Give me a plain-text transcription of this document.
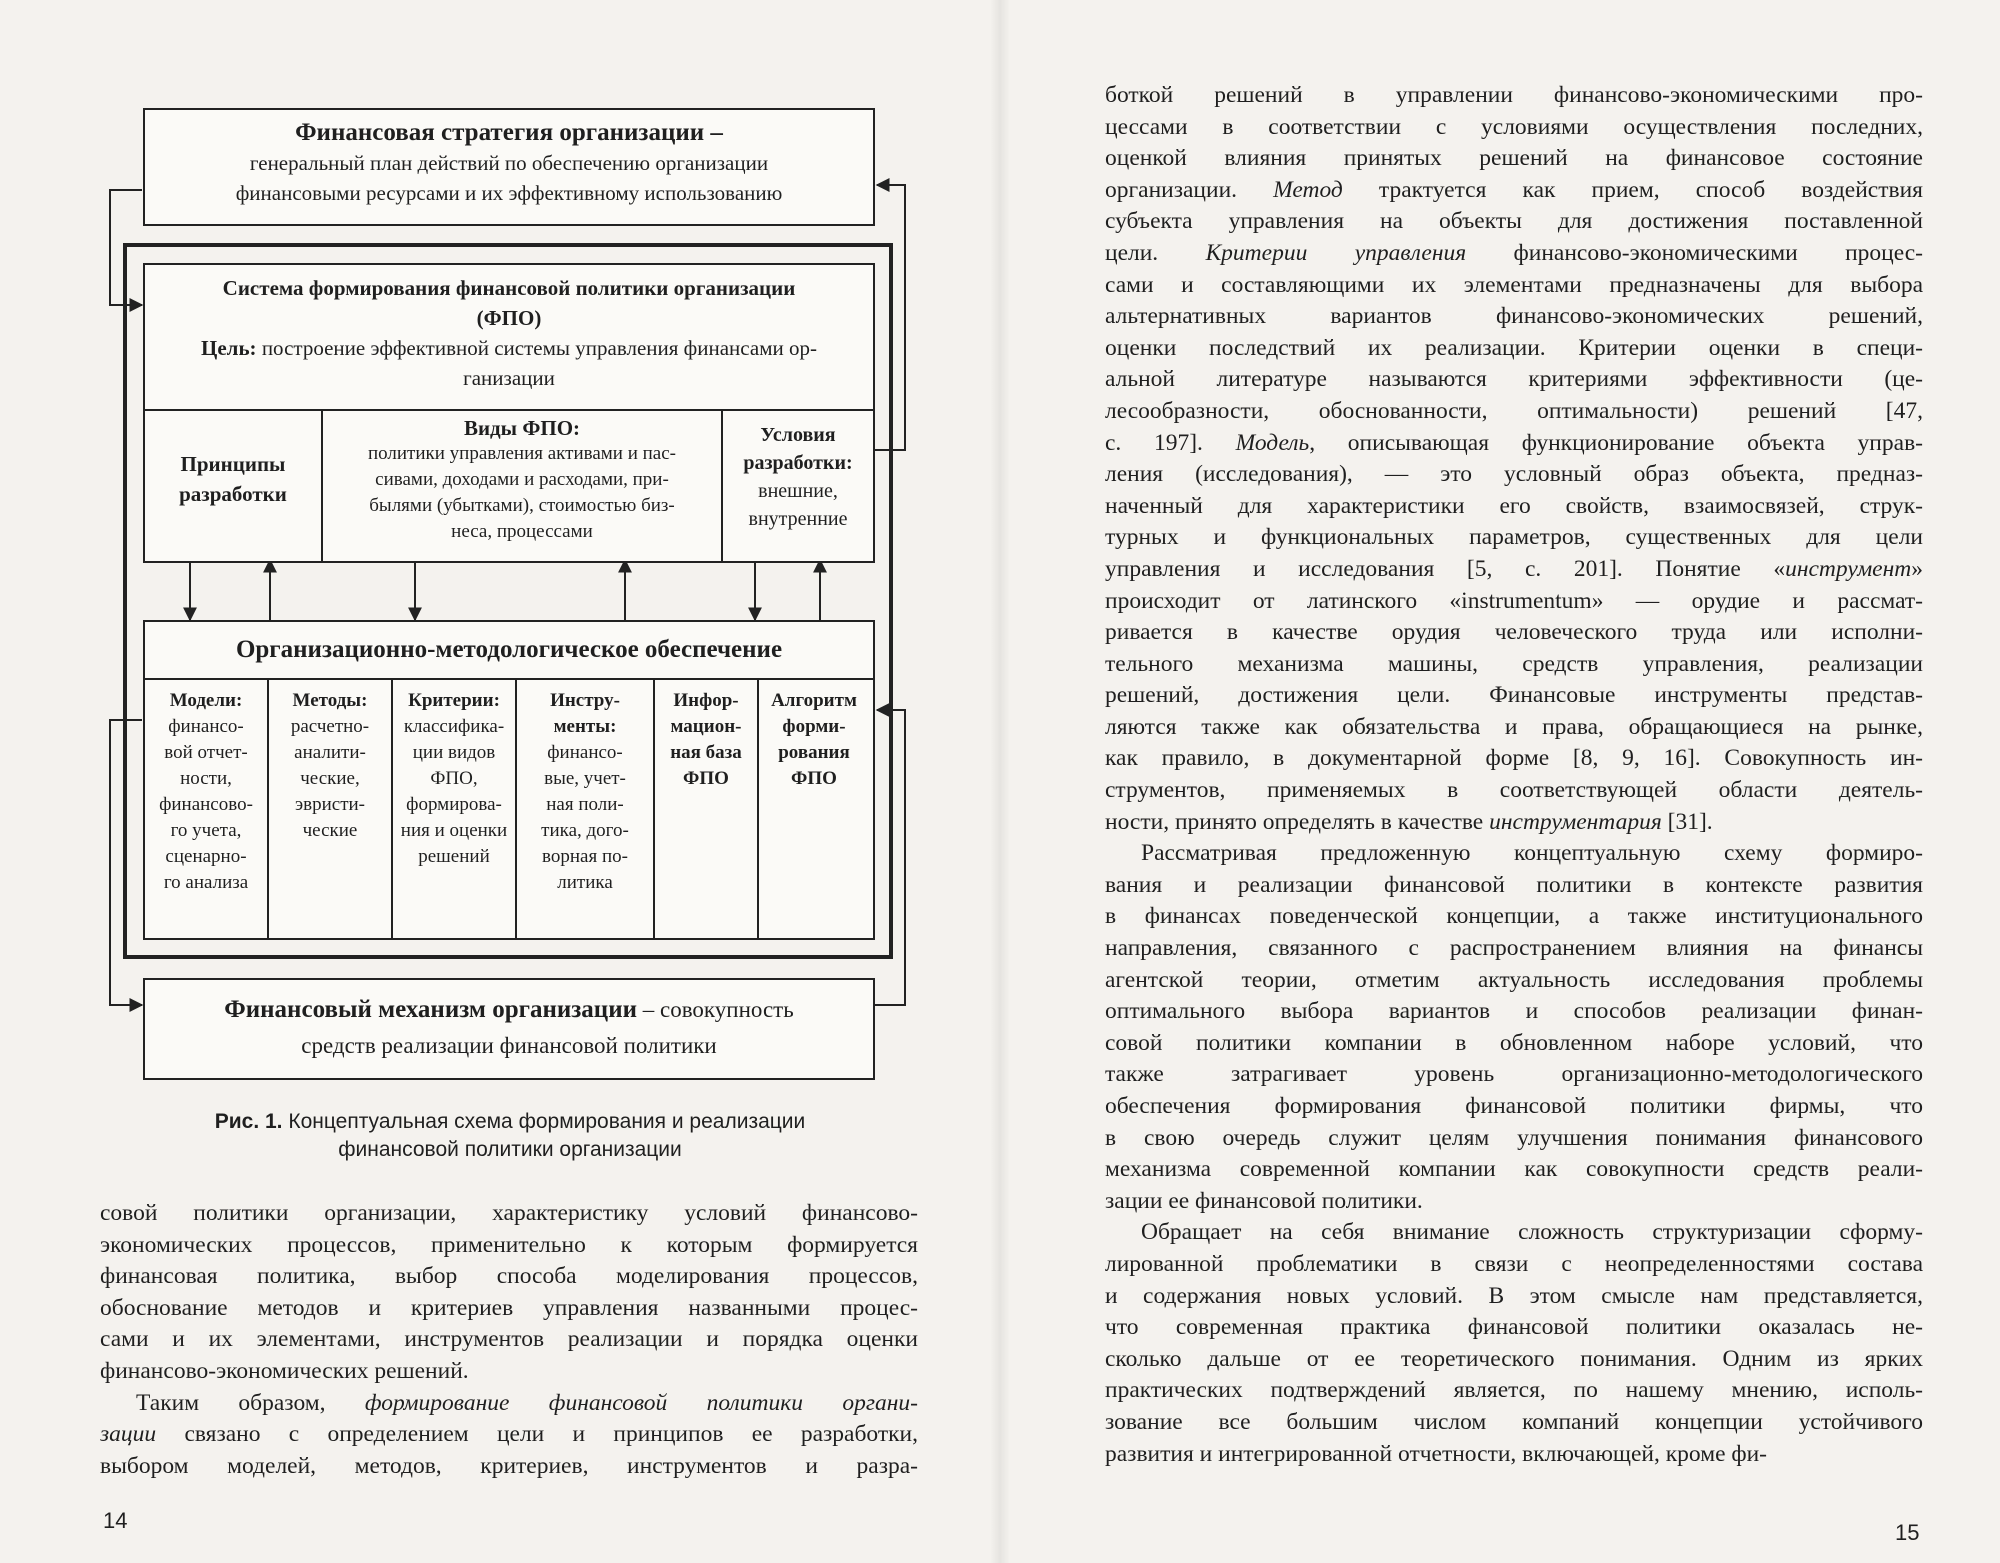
Финансовая стратегия организации –
генеральный план действий по обеспечению организации
финансовыми ресурсами и их эффективному использованию
Система формирования финансовой политики организации
(ФПО)
Цель: построение эффективной системы управления финансами ор-
ганизации
Принципы
разработки
Виды ФПО:
политики управления активами и пас-
сивами, доходами и расходами, при-
былями (убытками), стоимостью биз-
неса, процессами
Условия
разработки:
внешние,
внутренние
Организационно-методологическое обеспечение
Модели:
финансо-
вой отчет-
ности,
финансово-
го учета,
сценарно-
го анализа
Методы:
расчетно-
аналити-
ческие,
эвристи-
ческие
Критерии:
классифика-
ции видов
ФПО,
формирова-
ния и оценки
решений
Инстру-
менты:
финансо-
вые, учет-
ная поли-
тика, дого-
ворная по-
литика
Инфор-
мацион-
ная база
ФПО
Алгоритм
форми-
рования
ФПО
Финансовый механизм организации – совокупность
средств реализации финансовой политики
Рис. 1. Концептуальная схема формирования и реализации
финансовой политики организации
совой политики организации, характеристику условий финансово-
экономических процессов, применительно к которым формируется
финансовая политика, выбор способа моделирования процессов,
обоснование методов и критериев управления названными процес-
сами и их элементами, инструментов реализации и порядка оценки
финансово-экономических решений.
Таким образом, формирование финансовой политики органи-
зации связано с определением цели и принципов ее разработки,
выбором моделей, методов, критериев, инструментов и разра-
14
боткой решений в управлении финансово-экономическими про-
цессами в соответствии с условиями осуществления последних,
оценкой влияния принятых решений на финансовое состояние
организации. Метод трактуется как прием, способ воздействия
субъекта управления на объекты для достижения поставленной
цели. Критерии управления финансово-экономическими процес-
сами и составляющими их элементами предназначены для выбора
альтернативных вариантов финансово-экономических решений,
оценки последствий их реализации. Критерии оценки в специ-
альной литературе называются критериями эффективности (це-
лесообразности, обоснованности, оптимальности) решений [47,
с. 197]. Модель, описывающая функционирование объекта управ-
ления (исследования), — это условный образ объекта, предназ-
наченный для характеристики его свойств, взаимосвязей, струк-
турных и функциональных параметров, существенных для цели
управления и исследования [5, с. 201]. Понятие «инструмент»
происходит от латинского «instrumentum» — орудие и рассмат-
ривается в качестве орудия человеческого труда или исполни-
тельного механизма машины, средств управления, реализации
решений, достижения цели. Финансовые инструменты представ-
ляются также как обязательства и права, обращающиеся на рынке,
как правило, в документарной форме [8, 9, 16]. Совокупность ин-
струментов, применяемых в соответствующей области деятель-
ности, принято определять в качестве инструментария [31].
Рассматривая предложенную концептуальную схему формиро-
вания и реализации финансовой политики в контексте развития
в финансах поведенческой концепции, а также институционального
направления, связанного с распространением влияния на финансы
агентской теории, отметим актуальность исследования проблемы
оптимального выбора вариантов и способов реализации финан-
совой политики компании в обновленном наборе условий, что
также затрагивает уровень организационно-методологического
обеспечения формирования финансовой политики фирмы, что
в свою очередь служит целям улучшения понимания финансового
механизма современной компании как совокупности средств реали-
зации ее финансовой политики.
Обращает на себя внимание сложность структуризации сформу-
лированной проблематики в связи с неопределенностями состава
и содержания новых условий. В этом смысле нам представляется,
что современная практика финансовой политики оказалась не-
сколько дальше от ее теоретического понимания. Одним из ярких
практических подтверждений является, по нашему мнению, исполь-
зование все большим числом компаний концепции устойчивого
развития и интегрированной отчетности, включающей, кроме фи-
15
